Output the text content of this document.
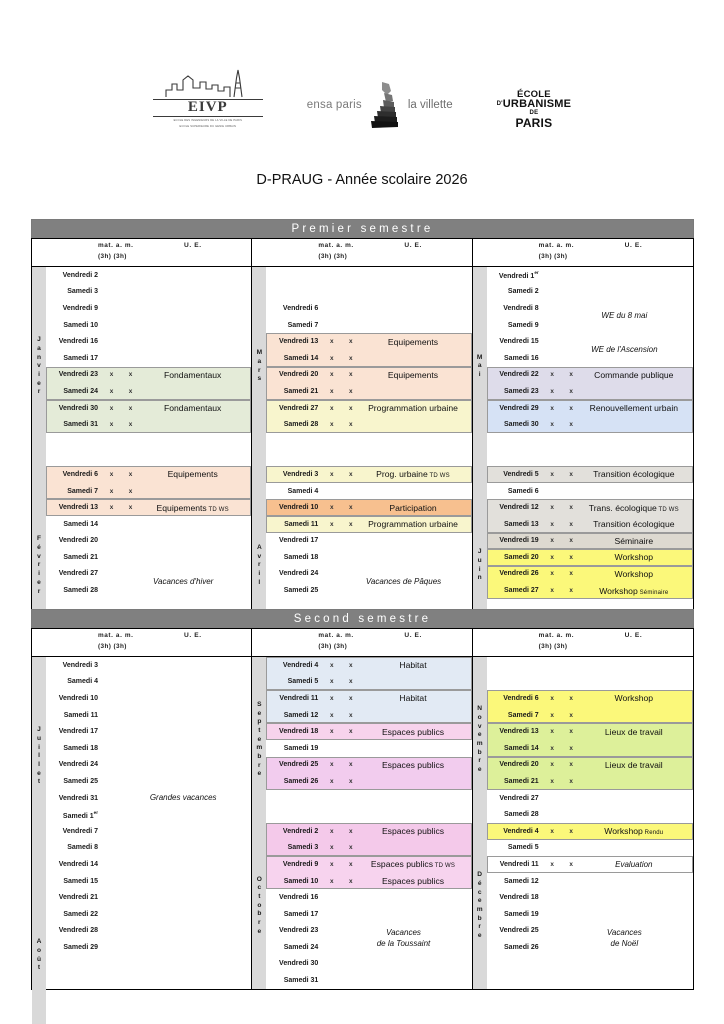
EIVP
ECOLE DES INGENIEURS DE LA VILLE DE PARIS
ECOLE SUPERIEURE DU GENIE URBAIN
ensa paris	la villette
ÉCOLE
D'URBANISME
DE
PARIS
D-PRAUG - Année scolaire 2026
Premier semestre
mat. a. m.
(3h) (3h)
U. E.
J
a
n
v
i
e
r
F
é
v
r
i
e
r
Vendredi 2
Samedi 3
Vendredi 9
Samedi 10
Vendredi 16
Samedi 17
Vendredi 23	x	x	Fondamentaux
Samedi 24	x	x
Vendredi 30	x	x	Fondamentaux
Samedi 31	x	x
Vendredi 6	x	x	Equipements
Samedi 7	x	x
Vendredi 13	x	x	Equipements TD WS
Samedi 14
Vendredi 20
Samedi 21
Vendredi 27
Samedi 28
Vacances d'hiver
mat. a. m.
(3h) (3h)
U. E.
M
a
r
s
A
v
r
i
l
Vendredi 6
Samedi 7
Vendredi 13	x	x	Equipements
Samedi 14	x	x
Vendredi 20	x	x	Equipements
Samedi 21	x	x
Vendredi 27	x	x	Programmation urbaine
Samedi 28	x	x
Vendredi 3	x	x	Prog. urbaine TD WS
Samedi 4
Vendredi 10	x	x	Participation
Samedi 11	x	x	Programmation urbaine
Vendredi 17
Samedi 18
Vendredi 24
Samedi 25
Vacances de Pâques
mat. a. m.
(3h) (3h)
U. E.
M
a
i
J
u
i
n
Vendredi 1er
Samedi 2
Vendredi 8
Samedi 9
Vendredi 15
Samedi 16
Vendredi 22	x	x	Commande publique
Samedi 23	x	x
Vendredi 29	x	x	Renouvellement urbain
Samedi 30	x	x
Vendredi 5	x	x	Transition écologique
Samedi 6
Vendredi 12	x	x	Trans. écologique TD WS
Samedi 13	x	x	Transition écologique
Vendredi 19	x	x	Séminaire
Samedi 20	x	x	Workshop
Vendredi 26	x	x	Workshop
Samedi 27	x	x	Workshop Séminaire
WE du 8 mai
WE de l'Ascension
Second semestre
mat. a. m.
(3h) (3h)
U. E.
J
u
i
l
l
e
t
A
o
û
t
Vendredi 3
Samedi 4
Vendredi 10
Samedi 11
Vendredi 17
Samedi 18
Vendredi 24
Samedi 25
Vendredi 31
Samedi 1er
Vendredi 7
Samedi 8
Vendredi 14
Samedi 15
Vendredi 21
Samedi 22
Vendredi 28
Samedi 29
Grandes vacances
mat. a. m.
(3h) (3h)
U. E.
S
e
p
t
e
m
b
r
e
O
c
t
o
b
r
e
Vendredi 4	x	x	Habitat
Samedi 5	x	x
Vendredi 11	x	x	Habitat
Samedi 12	x	x
Vendredi 18	x	x	Espaces publics
Samedi 19
Vendredi 25	x	x	Espaces publics
Samedi 26	x	x
Vendredi 2	x	x	Espaces publics
Samedi 3	x	x
Vendredi 9	x	x	Espaces publics TD WS
Samedi 10	x	x	Espaces publics
Vendredi 16
Samedi 17
Vendredi 23
Samedi 24
Vendredi 30
Samedi 31
Vacances
de la Toussaint
mat. a. m.
(3h) (3h)
U. E.
N
o
v
e
m
b
r
e
D
é
c
e
m
b
r
e
Vendredi 6	x	x	Workshop
Samedi 7	x	x
Vendredi 13	x	x	Lieux de travail
Samedi 14	x	x
Vendredi 20	x	x	Lieux de travail
Samedi 21	x	x
Vendredi 27
Samedi 28
Vendredi 4	x	x	Workshop Rendu
Samedi 5
Vendredi 11	x	x	Evaluation
Samedi 12
Vendredi 18
Samedi 19
Vendredi 25
Samedi 26
Vacances
de Noël
